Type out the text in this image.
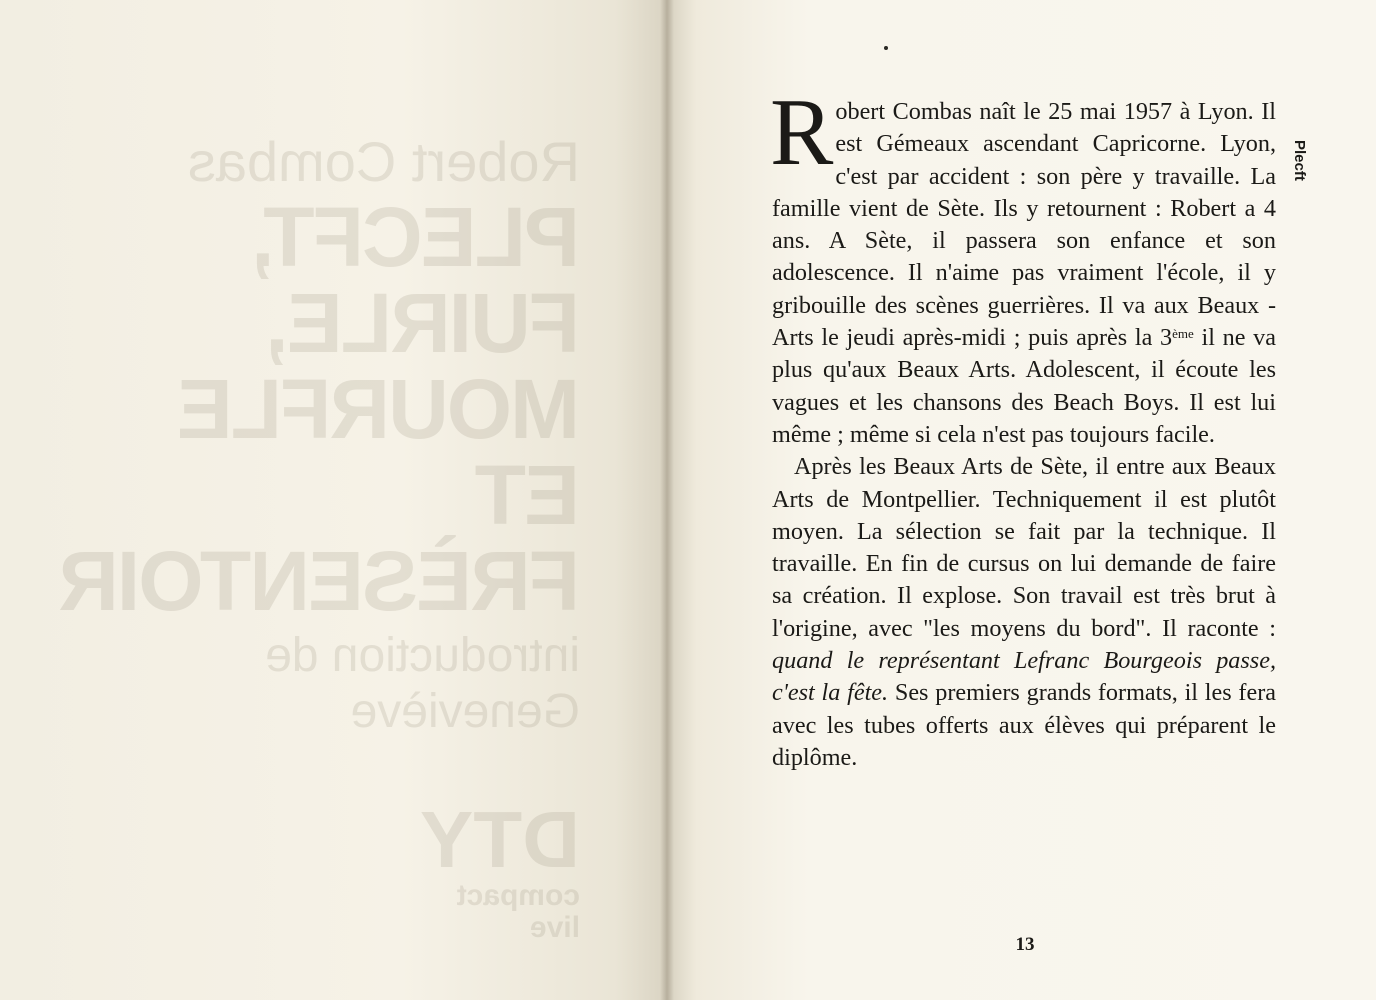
Robert Combas
PLECFT,
FUIRLE,
MOURFLE
ET
FRÈSENTOIR
introduction de Geneviève
DTY
compact
live
Plecft

Robert Combas naît le 25 mai 1957 à Lyon. Il est Gémeaux ascendant Capricorne. Lyon, c'est par accident : son père y travaille. La famille vient de Sète. Ils y retournent : Robert a 4 ans. A Sète, il passera son enfance et son adolescence. Il n'aime pas vraiment l'école, il y gribouille des scènes guerrières. Il va aux Beaux - Arts le jeudi après-midi ; puis après la 3ème il ne va plus qu'aux Beaux Arts. Adolescent, il écoute les vagues et les chansons des Beach Boys. Il est lui même ; même si cela n'est pas toujours facile.

Après les Beaux Arts de Sète, il entre aux Beaux Arts de Montpellier. Techniquement il est plutôt moyen. La sélection se fait par la technique. Il travaille. En fin de cursus on lui demande de faire sa création. Il explose. Son travail est très brut à l'origine, avec "les moyens du bord". Il raconte : quand le représentant Lefranc Bourgeois passe, c'est la fête. Ses premiers grands formats, il les fera avec les tubes offerts aux élèves qui préparent le diplôme.

13
